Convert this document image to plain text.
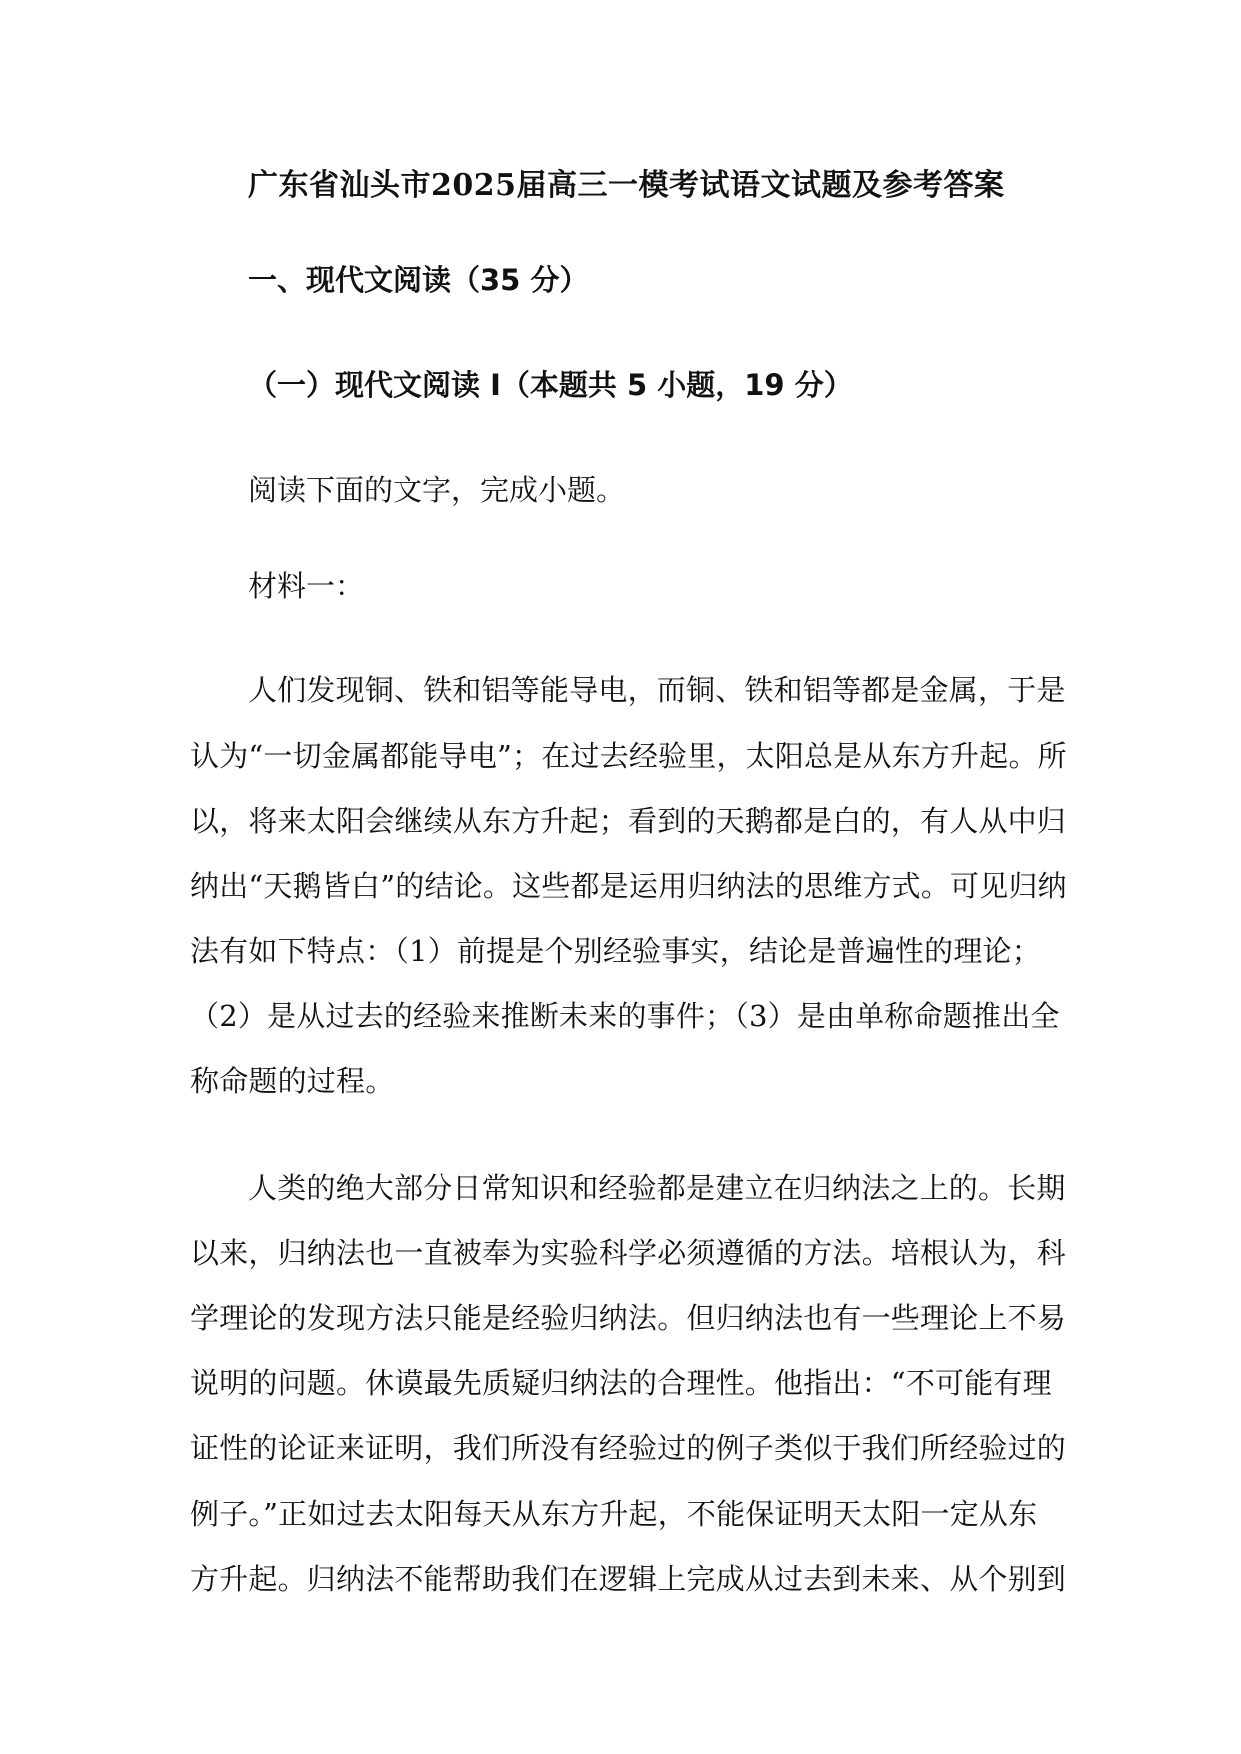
广东省汕头市2025届高三一模考试语文试题及参考答案
一、现代文阅读（35 分）
（一）现代文阅读 I（本题共 5 小题，19 分）
阅读下面的文字，完成小题。
材料一：
人们发现铜、铁和铝等能导电，而铜、铁和铝等都是金属，于是
认为“一切金属都能导电”；在过去经验里，太阳总是从东方升起。所
以，将来太阳会继续从东方升起；看到的天鹅都是白的，有人从中归
纳出“天鹅皆白”的结论。这些都是运用归纳法的思维方式。可见归纳
法有如下特点：（1）前提是个别经验事实，结论是普遍性的理论；
（2）是从过去的经验来推断未来的事件；（3）是由单称命题推出全
称命题的过程。
人类的绝大部分日常知识和经验都是建立在归纳法之上的。长期
以来，归纳法也一直被奉为实验科学必须遵循的方法。培根认为，科
学理论的发现方法只能是经验归纳法。但归纳法也有一些理论上不易
说明的问题。休谟最先质疑归纳法的合理性。他指出：“不可能有理
证性的论证来证明，我们所没有经验过的例子类似于我们所经验过的
例子。”正如过去太阳每天从东方升起，不能保证明天太阳一定从东
方升起。归纳法不能帮助我们在逻辑上完成从过去到未来、从个别到
